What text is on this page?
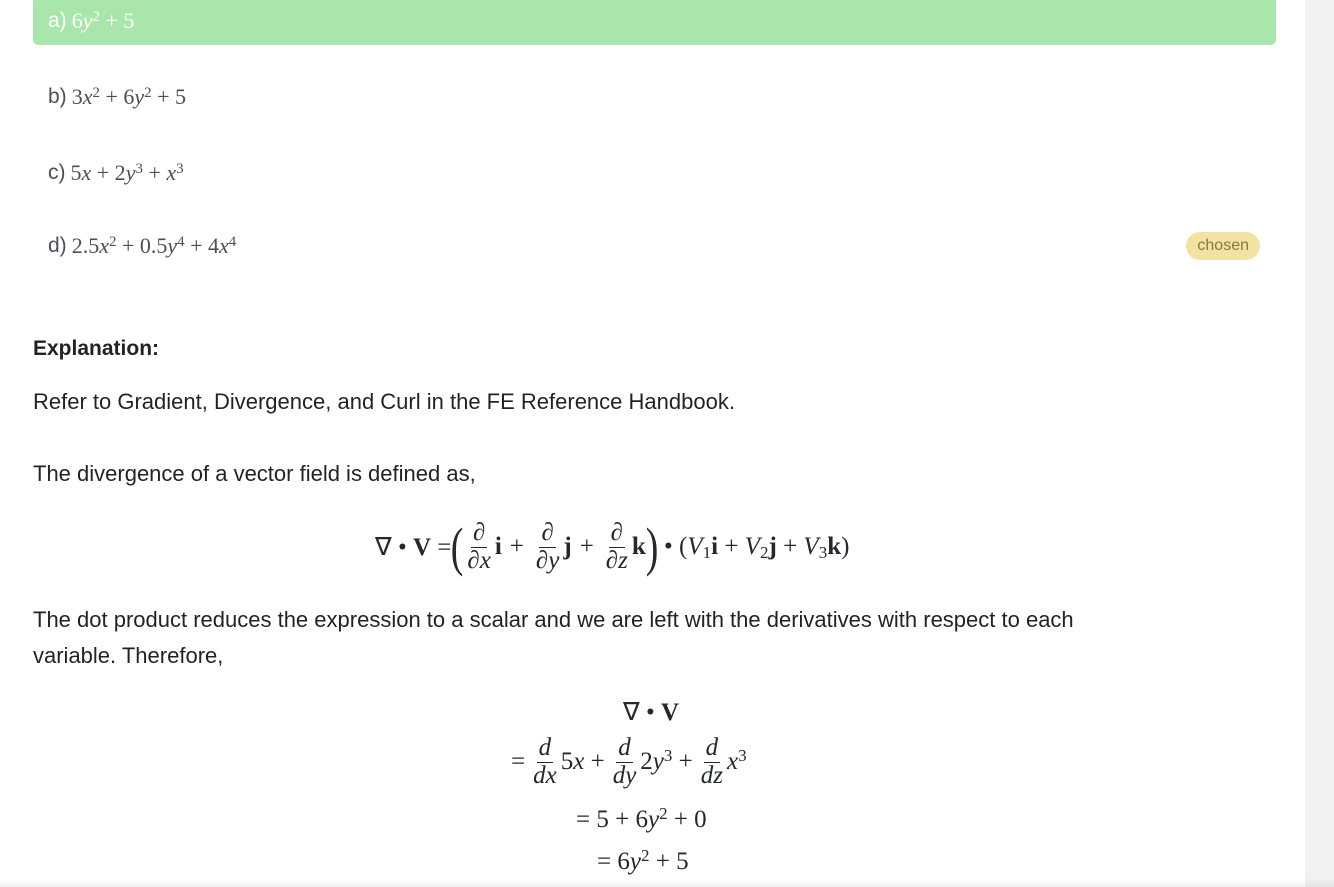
a) $6y^2 + 5$
b) $3x^2 + 6y^2 + 5$
c) $5x + 2y^3 + x^3$
d) $2.5x^2 + 0.5y^4 + 4x^4$	chosen
Explanation:
Refer to Gradient, Divergence, and Curl in the FE Reference Handbook.
The divergence of a vector field is defined as,
∇ • V = ( $\frac{\partial}{\partial x}$ $i + \frac{\partial}{\partial y}$ $j + \frac{\partial}{\partial z}$ k ) • $(V_1i + V_2j + V_3k)$
The dot product reduces the expression to a scalar and we are left with the derivatives with respect to each
variable. Therefore,
∇ • V
= $\frac{d}{dx} 5x + \frac{d}{dy} 2y^3 + \frac{d}{dz} x^3$
= $5 + 6y^2 + 0$
= $6y^2 + 5$
